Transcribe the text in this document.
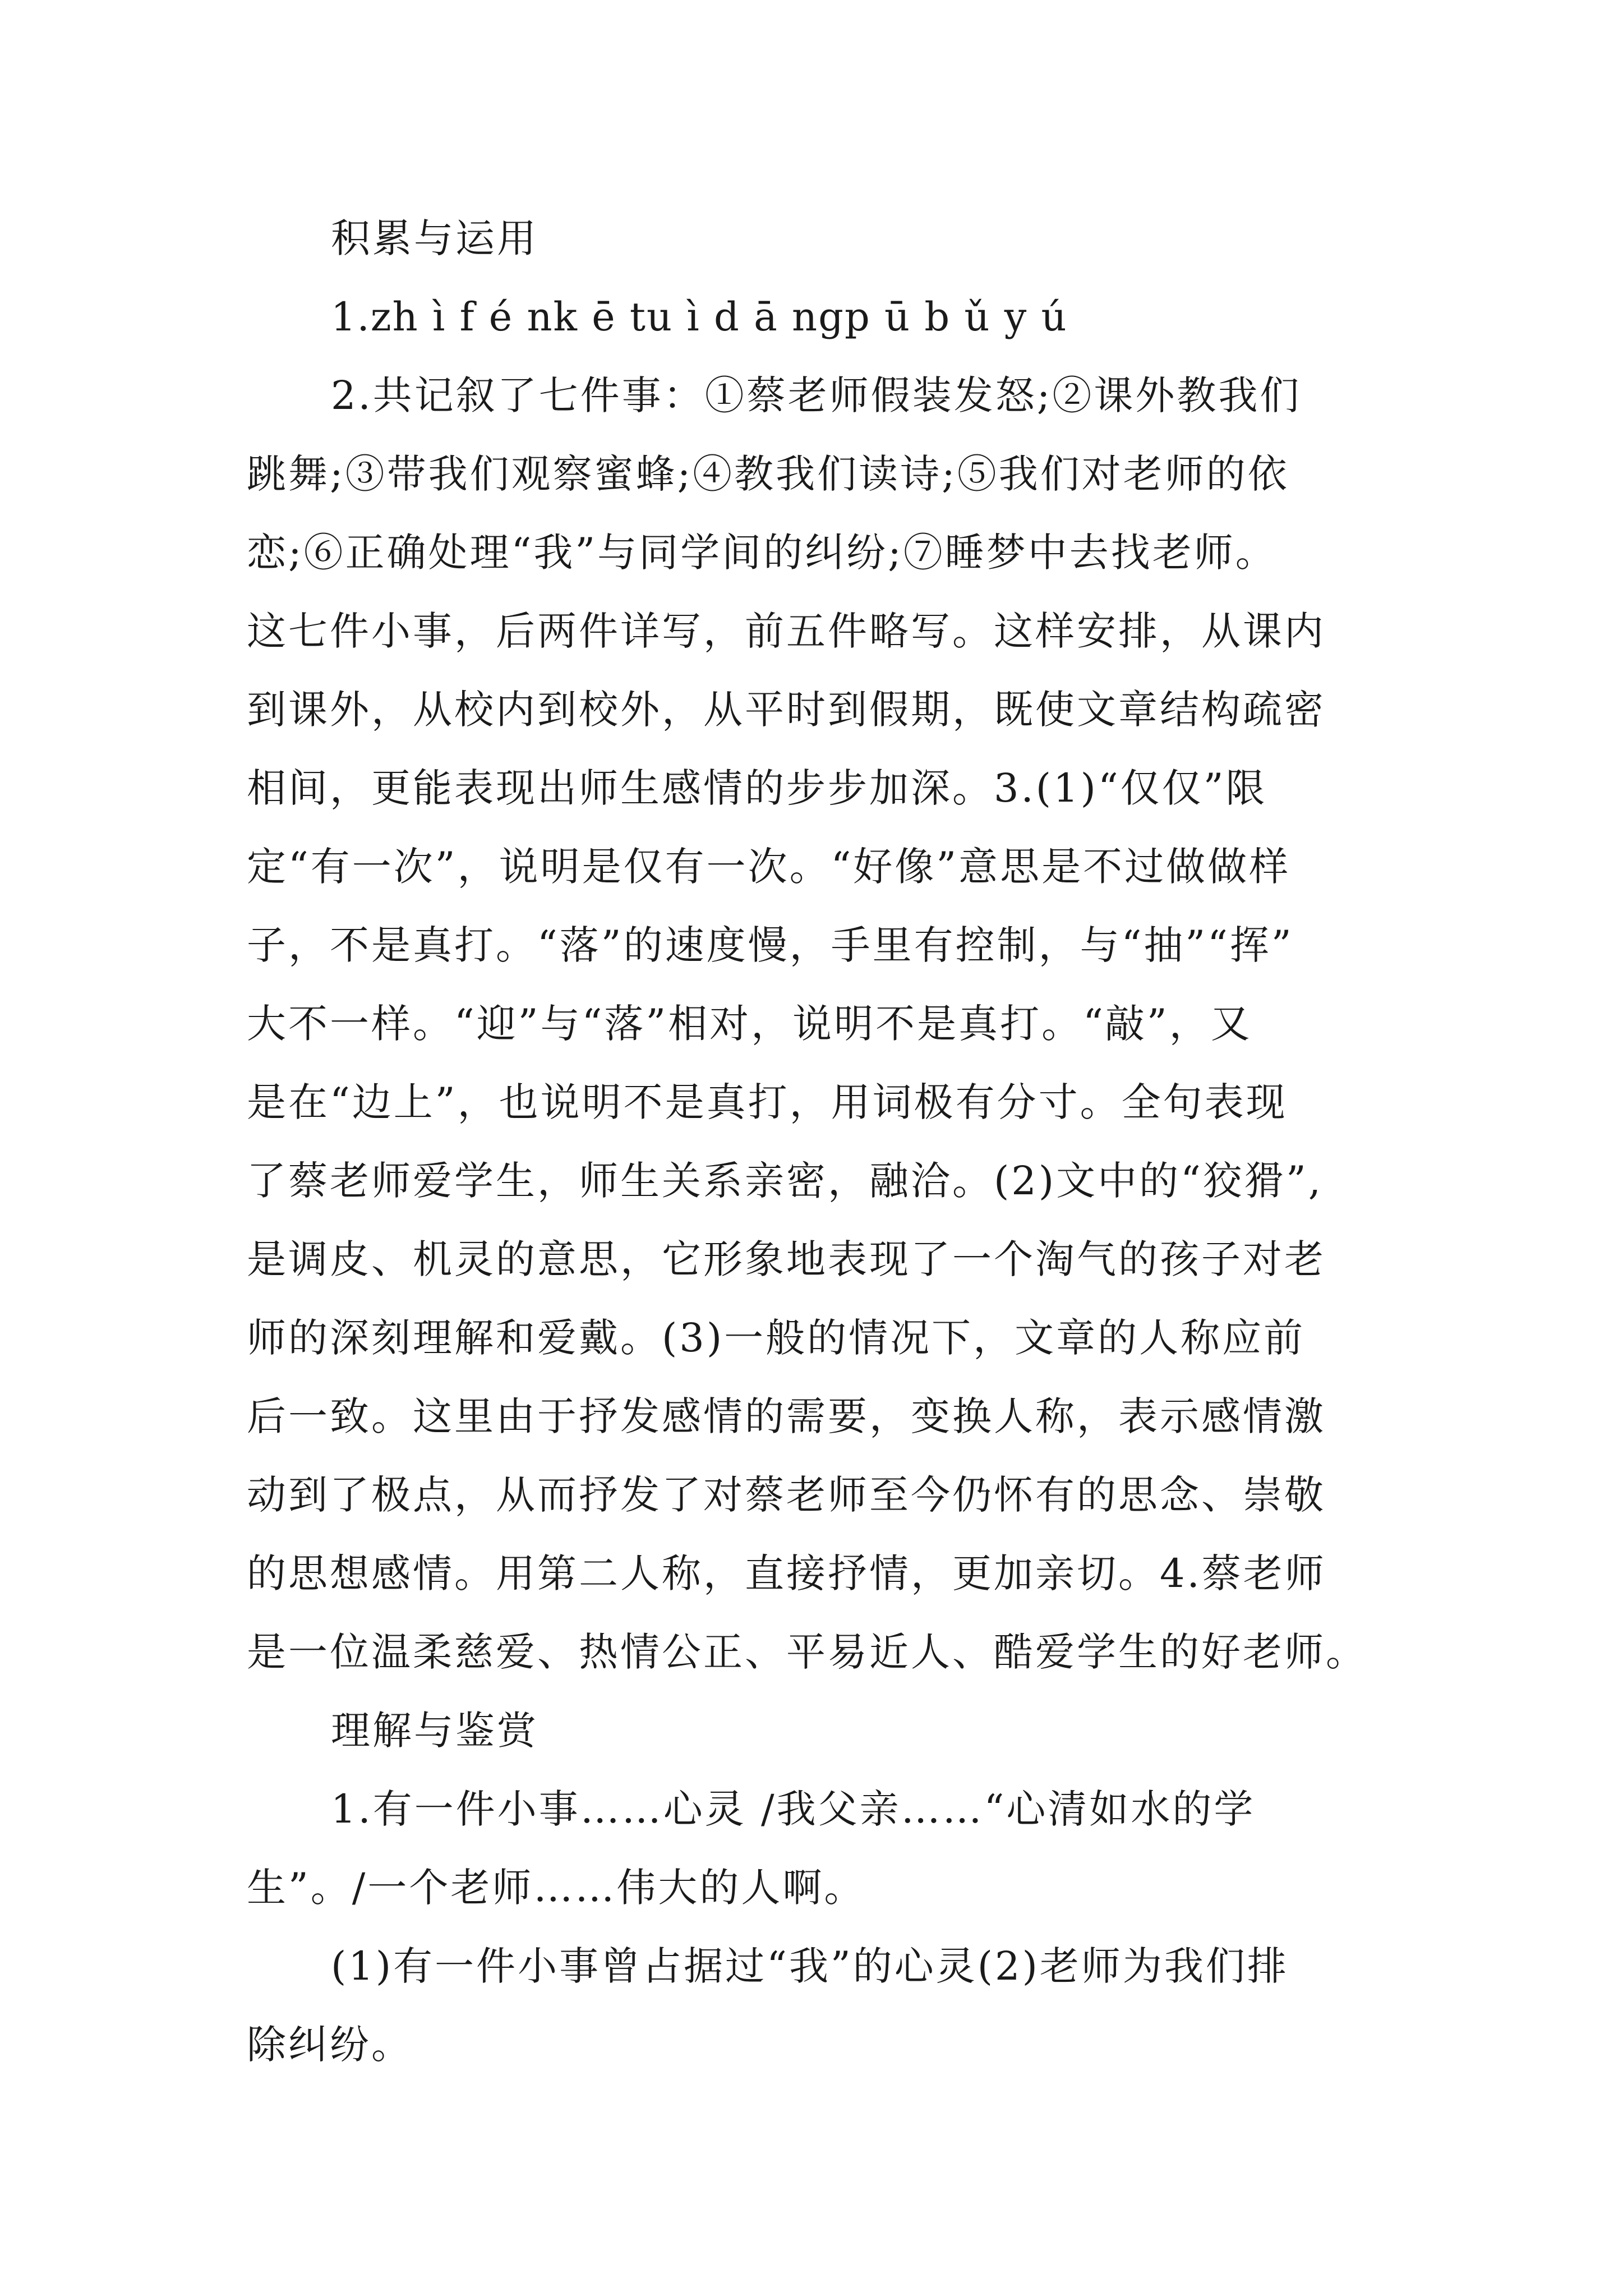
积累与运用
1.zh ì f é nk ē tu ì d ā ngp ū b ǔ y ú
2.共记叙了七件事：①蔡老师假装发怒;②课外教我们
跳舞;③带我们观察蜜蜂;④教我们读诗;⑤我们对老师的依
恋;⑥正确处理“我”与同学间的纠纷;⑦睡梦中去找老师。
这七件小事，后两件详写，前五件略写。这样安排，从课内
到课外，从校内到校外，从平时到假期，既使文章结构疏密
相间，更能表现出师生感情的步步加深。3.(1)“仅仅”限
定“有一次”，说明是仅有一次。“好像”意思是不过做做样
子，不是真打。“落”的速度慢，手里有控制，与“抽”“挥”
大不一样。“迎”与“落”相对，说明不是真打。“敲”，又
是在“边上”，也说明不是真打，用词极有分寸。全句表现
了蔡老师爱学生，师生关系亲密，融洽。(2)文中的“狡猾”,
是调皮、机灵的意思，它形象地表现了一个淘气的孩子对老
师的深刻理解和爱戴。(3)一般的情况下，文章的人称应前
后一致。这里由于抒发感情的需要，变换人称，表示感情激
动到了极点，从而抒发了对蔡老师至今仍怀有的思念、崇敬
的思想感情。用第二人称，直接抒情，更加亲切。4.蔡老师
是一位温柔慈爱、热情公正、平易近人、酷爱学生的好老师。
理解与鉴赏
1.有一件小事……心灵 /我父亲……“心清如水的学
生”。/一个老师……伟大的人啊。
(1)有一件小事曾占据过“我”的心灵(2)老师为我们排
除纠纷。
